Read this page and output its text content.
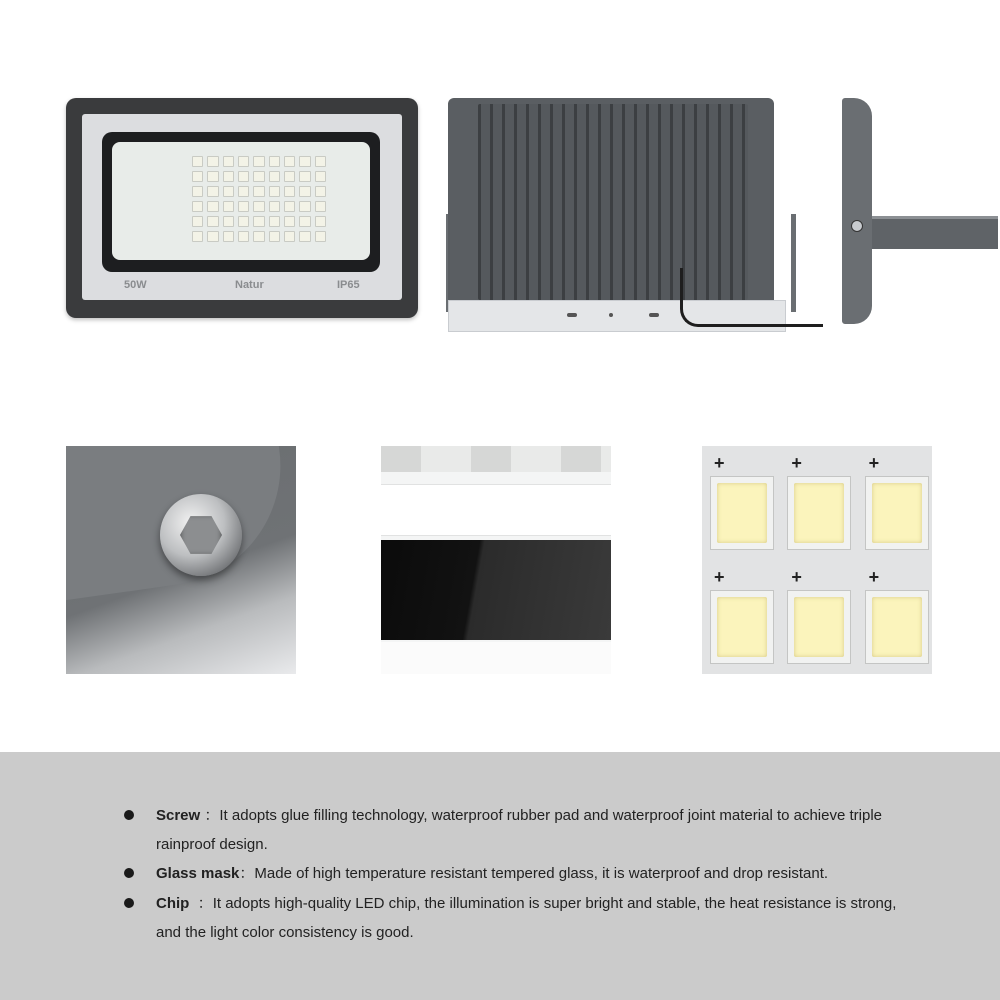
50W	Natur	IP65
+	+	+
+	+	+
Screw ：It adopts glue filling technology, waterproof rubber pad and waterproof joint material to achieve triple rainproof design.
Glass mask：Made of high temperature resistant tempered glass, it is waterproof and drop resistant.
Chip ：It adopts high-quality LED chip, the illumination is super bright and stable, the heat resistance is strong, and the light color consistency is good.
